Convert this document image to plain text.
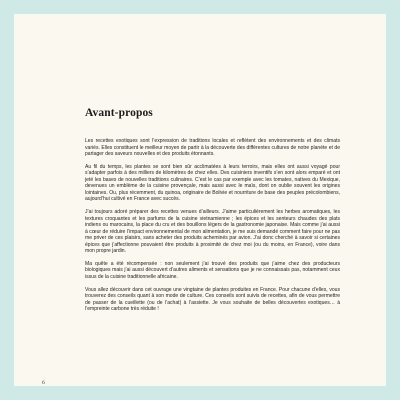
Avant-propos

Les recettes exotiques sont l’expression de traditions locales et reflètent des environnements et des climats variés. Elles constituent le meilleur moyen de partir à la découverte des différentes cultures de notre planète et de partager des saveurs nouvelles et des produits étonnants.

Au fil du temps, les plantes se sont bien sûr acclimatées à leurs terroirs, mais elles ont aussi voyagé pour s’adapter parfois à des milliers de kilomètres de chez elles. Des cuisiniers inventifs s’en sont alors emparé et ont jeté les bases de nouvelles traditions culinaires. C’est le cas par exemple avec les tomates, natives du Mexique, devenues un emblème de la cuisine provençale, mais aussi avec le maïs, dont on oublie souvent les origines lointaines. Ou, plus récemment, du quinoa, originaire de Bolivie et nourriture de base des peuples précolombiens, aujourd’hui cultivé en France avec succès.

J’ai toujours adoré préparer des recettes venues d’ailleurs. J’aime particulièrement les herbes aromatiques, les textures croquantes et les parfums de la cuisine vietnamienne ; les épices et les senteurs chaudes des plats indiens ou marocains, la place du cru et des bouillons légers de la gastronomie japonaise. Mais comme j’ai aussi à cœur de réduire l’impact environnemental de mon alimentation, je me suis demandé comment faire pour ne pas me priver de ces plaisirs, sans acheter des produits acheminés par avion. J’ai donc cherché à savoir si certaines épices que j’affectionne pouvaient être produits à proximité de chez moi (ou du moins, en France), voire dans mon propre jardin.

Ma quête a été récompensée : non seulement j’ai trouvé des produits que j’aime chez des producteurs biologiques mais j’ai aussi découvert d’autres aliments et sensations que je ne connaissais pas, notamment ceux issus de la cuisine traditionnelle africaine.

Vous allez découvrir dans cet ouvrage une vingtaine de plantes produites en France. Pour chacune d’elles, vous trouverez des conseils quant à son mode de culture. Ces conseils sont suivis de recettes, afin de vous permettre de passer de la cueillette (ou de l’achat) à l’assiette. Je vous souhaite de belles découvertes exotiques… à l’empreinte carbone très réduite !

6
